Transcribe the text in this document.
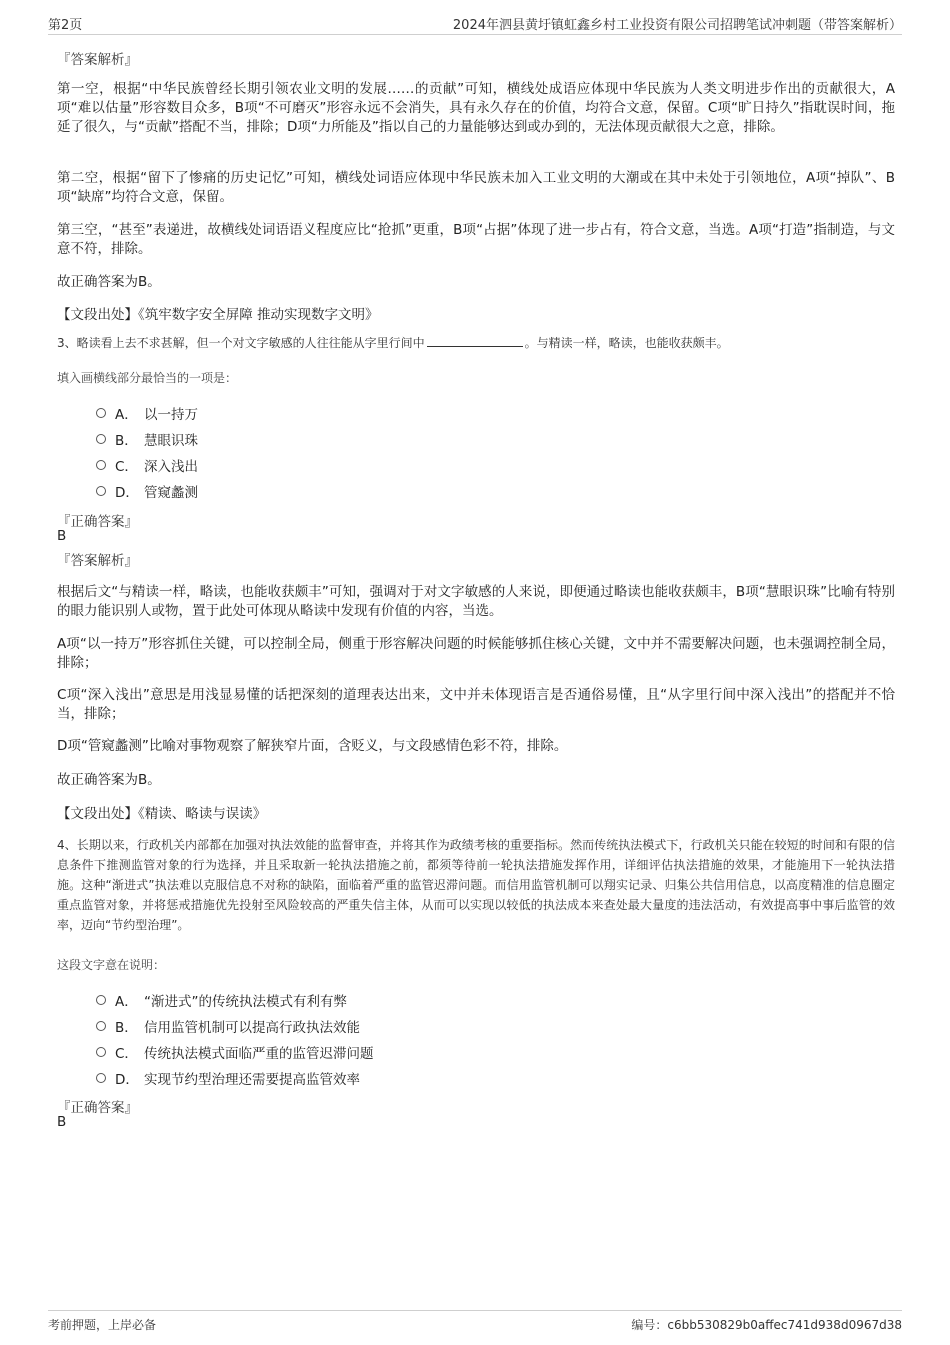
第2页	2024年泗县黄圩镇虹鑫乡村工业投资有限公司招聘笔试冲刺题（带答案解析）
『答案解析』

第一空，根据“中华民族曾经长期引领农业文明的发展……的贡献”可知，横线处成语应体现中华民族为人类文明进步作出的贡献很大，A项“难以估量”形容数目众多，B项“不可磨灭”形容永远不会消失，具有永久存在的价值，均符合文意，保留。C项“旷日持久”指耽误时间，拖延了很久，与“贡献”搭配不当，排除；D项“力所能及”指以自己的力量能够达到或办到的，无法体现贡献很大之意，排除。

第二空，根据“留下了惨痛的历史记忆”可知，横线处词语应体现中华民族未加入工业文明的大潮或在其中未处于引领地位，A项“掉队”、B项“缺席”均符合文意，保留。

第三空，“甚至”表递进，故横线处词语语义程度应比“抢抓”更重，B项“占据”体现了进一步占有，符合文意，当选。A项“打造”指制造，与文意不符，排除。

故正确答案为B。
【文段出处】《筑牢数字安全屏障 推动实现数字文明》

3、略读看上去不求甚解，但一个对文字敏感的人往往能从字里行间中	。与精读一样，略读，也能收获颇丰。

填入画横线部分最恰当的一项是：
A． 以一持万
B． 慧眼识珠
C． 深入浅出
D． 管窥蠡测
『正确答案』
B
『答案解析』

根据后文“与精读一样，略读，也能收获颇丰”可知，强调对于对文字敏感的人来说，即便通过略读也能收获颇丰，B项“慧眼识珠”比喻有特别的眼力能识别人或物，置于此处可体现从略读中发现有价值的内容，当选。

A项“以一持万”形容抓住关键，可以控制全局，侧重于形容解决问题的时候能够抓住核心关键，文中并不需要解决问题，也未强调控制全局，排除；

C项“深入浅出”意思是用浅显易懂的话把深刻的道理表达出来，文中并未体现语言是否通俗易懂，且“从字里行间中深入浅出”的搭配并不恰当，排除；

D项“管窥蠡测”比喻对事物观察了解狭窄片面，含贬义，与文段感情色彩不符，排除。

故正确答案为B。
【文段出处】《精读、略读与误读》

4、长期以来，行政机关内部都在加强对执法效能的监督审查，并将其作为政绩考核的重要指标。然而传统执法模式下，行政机关只能在较短的时间和有限的信息条件下推测监管对象的行为选择，并且采取新一轮执法措施之前，都须等待前一轮执法措施发挥作用，详细评估执法措施的效果，才能施用下一轮执法措施。这种“渐进式”执法难以克服信息不对称的缺陷，面临着严重的监管迟滞问题。而信用监管机制可以翔实记录、归集公共信用信息，以高度精准的信息圈定重点监管对象，并将惩戒措施优先投射至风险较高的严重失信主体，从而可以实现以较低的执法成本来查处最大量度的违法活动，有效提高事中事后监管的效率，迈向“节约型治理”。

这段文字意在说明：
A． “渐进式”的传统执法模式有利有弊
B． 信用监管机制可以提高行政执法效能
C． 传统执法模式面临严重的监管迟滞问题
D． 实现节约型治理还需要提高监管效率
『正确答案』
B
考前押题，上岸必备	编号：c6bb530829b0affec741d938d0967d38
